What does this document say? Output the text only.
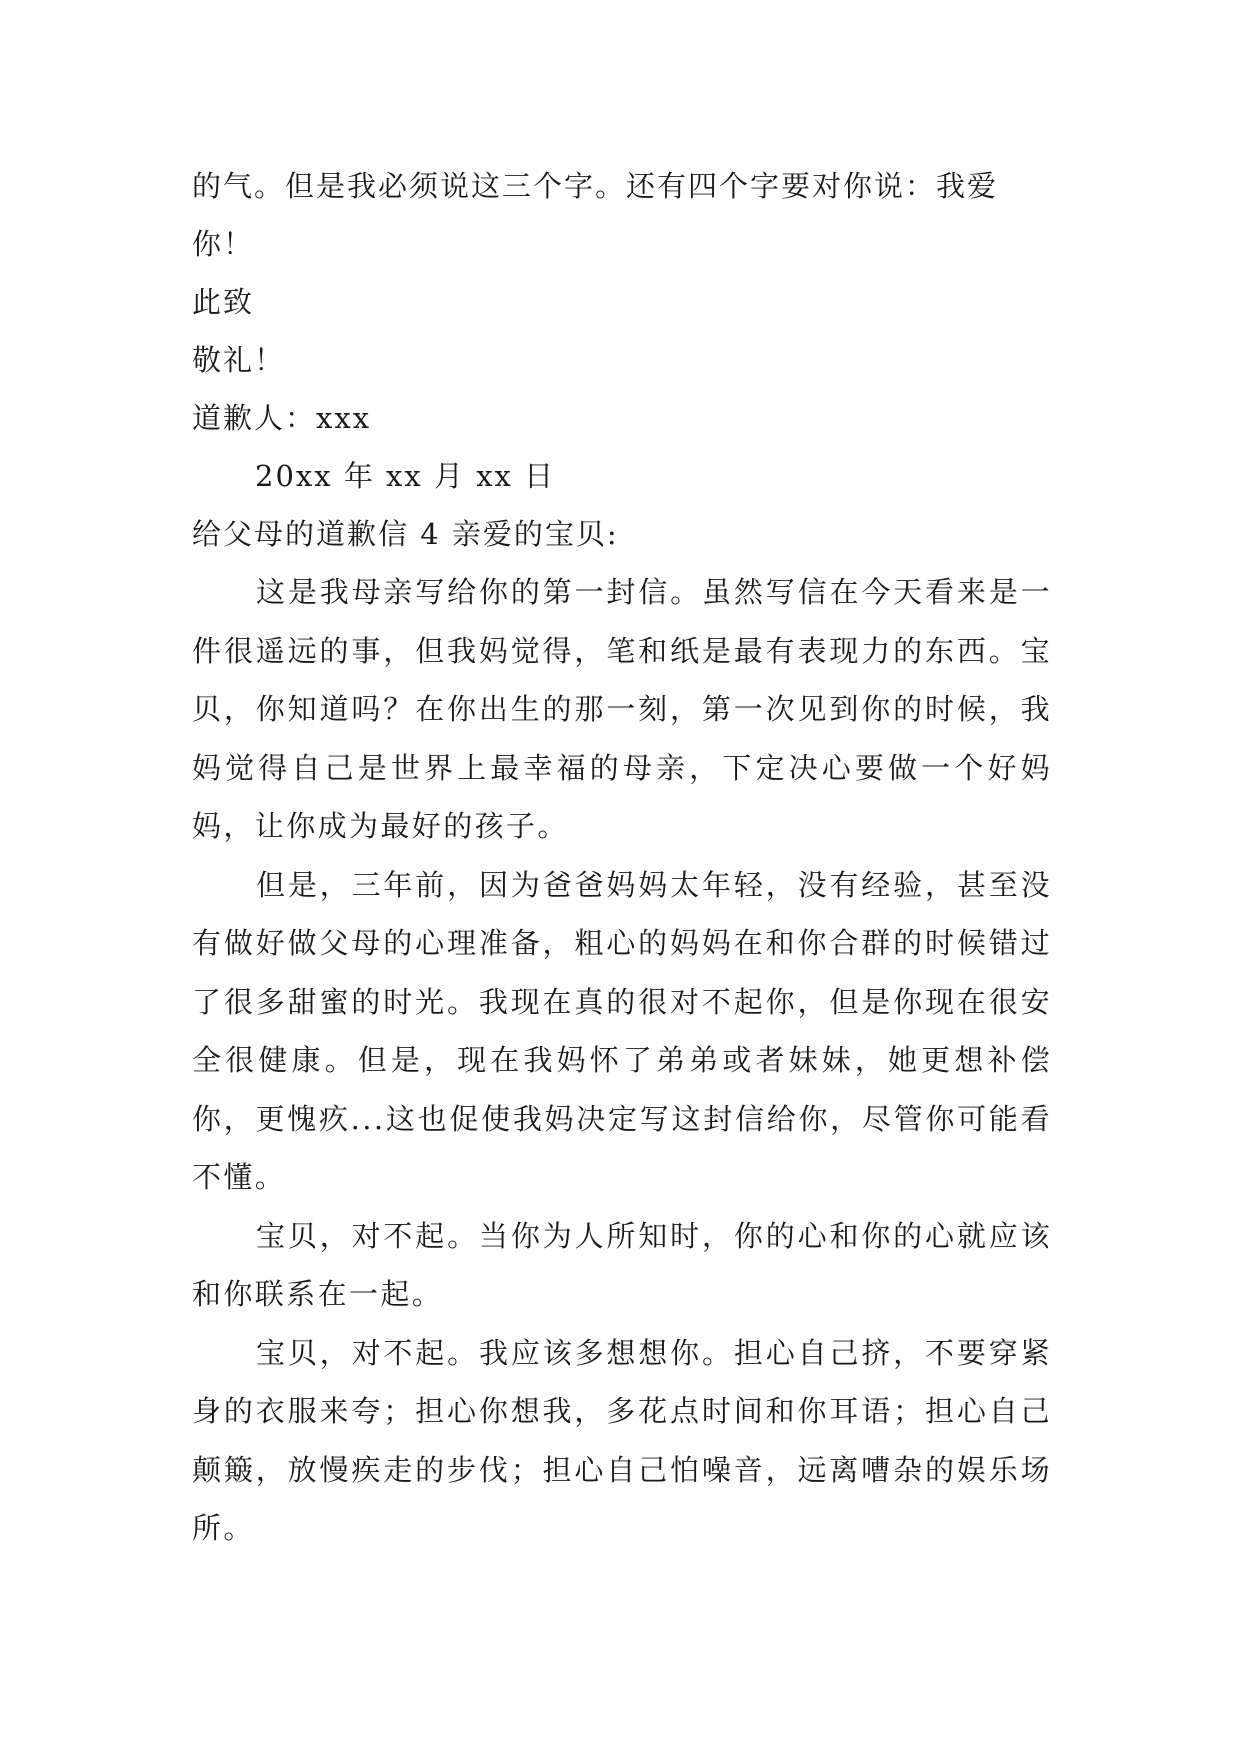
的气。但是我必须说这三个字。还有四个字要对你说：我爱
你！
此致
敬礼！
道歉人：xxx
20xx 年 xx 月 xx 日
给父母的道歉信 4 亲爱的宝贝:

这是我母亲写给你的第一封信。虽然写信在今天看来是一件很遥远的事，但我妈觉得，笔和纸是最有表现力的东西。宝贝，你知道吗？在你出生的那一刻，第一次见到你的时候，我妈觉得自己是世界上最幸福的母亲，下定决心要做一个好妈妈，让你成为最好的孩子。

但是，三年前，因为爸爸妈妈太年轻，没有经验，甚至没有做好做父母的心理准备，粗心的妈妈在和你合群的时候错过了很多甜蜜的时光。我现在真的很对不起你，但是你现在很安全很健康。但是，现在我妈怀了弟弟或者妹妹，她更想补偿你，更愧疚...这也促使我妈决定写这封信给你，尽管你可能看不懂。

宝贝，对不起。当你为人所知时，你的心和你的心就应该和你联系在一起。

宝贝，对不起。我应该多想想你。担心自己挤，不要穿紧身的衣服来夸；担心你想我，多花点时间和你耳语；担心自己颠簸，放慢疾走的步伐；担心自己怕噪音，远离嘈杂的娱乐场所。
